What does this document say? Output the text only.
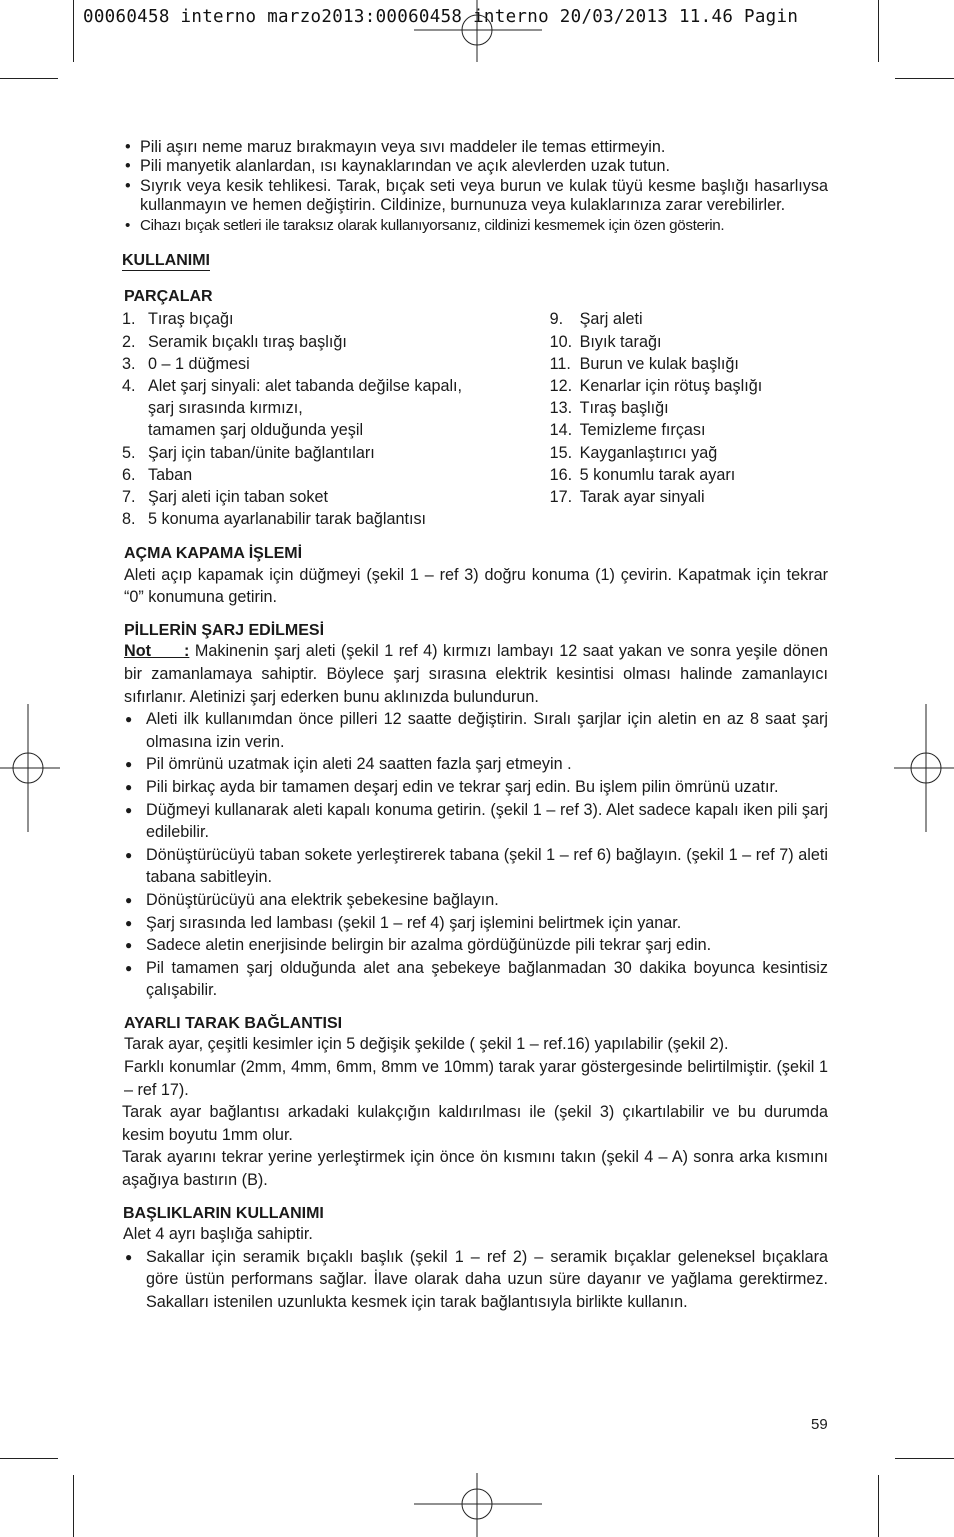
00060458 interno marzo2013:00060458 interno 20/03/2013 11.46 Pagin
• Pili aşırı neme maruz bırakmayın veya sıvı maddeler ile temas ettirmeyin.
• Pili manyetik alanlardan, ısı kaynaklarından ve açık alevlerden uzak tutun.
• Sıyrık veya kesik tehlikesi. Tarak, bıçak seti veya burun ve kulak tüyü kesme başlığı hasarlıysa kullanmayın ve hemen değiştirin. Cildinize, burnunuza veya kulaklarınıza zarar verebilirler.
• Cihazı bıçak setleri ile taraksız olarak kullanıyorsanız, cildinizi kesmemek için özen gösterin.
KULLANIMI
PARÇALAR
1. Tıraş bıçağı
2. Seramik bıçaklı tıraş başlığı
3. 0 – 1 düğmesi
4. Alet şarj sinyali: alet tabanda değilse kapalı,
şarj sırasında kırmızı,
tamamen şarj olduğunda yeşil
5. Şarj için taban/ünite bağlantıları
6. Taban
7. Şarj aleti için taban soket
8. 5 konuma ayarlanabilir tarak bağlantısı
9. Şarj aleti
10. Bıyık tarağı
11. Burun ve kulak başlığı
12. Kenarlar için rötuş başlığı
13. Tıraş başlığı
14. Temizleme fırçası
15. Kayganlaştırıcı yağ
16. 5 konumlu tarak ayarı
17. Tarak ayar sinyali
AÇMA KAPAMA İŞLEMİ
Aleti açıp kapamak için düğmeyi (şekil 1 – ref 3) doğru konuma (1) çevirin. Kapatmak için tekrar “0” konumuna getirin.
PİLLERİN ŞARJ EDİLMESİ
Not      : Makinenin şarj aleti (şekil 1 ref 4) kırmızı lambayı 12 saat yakan ve sonra yeşile dönen bir zamanlamaya sahiptir. Böylece şarj sırasına elektrik kesintisi olması halinde zamanlayıcı sıfırlanır. Aletinizi şarj ederken bunu aklınızda bulundurun.
● Aleti ilk kullanımdan önce pilleri 12 saatte değiştirin. Sıralı şarjlar için aletin en az 8 saat şarj olmasına izin verin.
● Pil ömrünü uzatmak için aleti 24 saatten fazla şarj etmeyin .
● Pili birkaç ayda bir tamamen deşarj edin ve tekrar şarj edin. Bu işlem pilin ömrünü uzatır.
● Düğmeyi kullanarak aleti kapalı konuma getirin. (şekil 1 – ref 3). Alet sadece kapalı iken pili şarj edilebilir.
● Dönüştürücüyü taban sokete yerleştirerek tabana (şekil 1 – ref 6) bağlayın. (şekil 1 – ref 7) aleti tabana sabitleyin.
● Dönüştürücüyü ana elektrik şebekesine bağlayın.
● Şarj sırasında led lambası (şekil 1 – ref 4) şarj işlemini belirtmek için yanar.
● Sadece aletin enerjisinde belirgin bir azalma gördüğünüzde pili tekrar şarj edin.
● Pil tamamen şarj olduğunda alet ana şebekeye bağlanmadan 30 dakika boyunca kesintisiz çalışabilir.
AYARLI TARAK BAĞLANTISI
Tarak ayar, çeşitli kesimler için 5 değişik şekilde ( şekil 1 – ref.16) yapılabilir (şekil 2).
Farklı konumlar (2mm, 4mm, 6mm, 8mm ve 10mm) tarak yarar göstergesinde belirtilmiştir. (şekil 1 – ref 17).
Tarak ayar bağlantısı arkadaki kulakçığın kaldırılması ile (şekil 3) çıkartılabilir ve bu durumda kesim boyutu 1mm olur.
Tarak ayarını tekrar yerine yerleştirmek için önce ön kısmını takın (şekil 4 – A) sonra arka kısmını aşağıya bastırın (B).
BAŞLIKLARIN KULLANIMI
Alet 4 ayrı başlığa sahiptir.
● Sakallar için seramik bıçaklı başlık (şekil 1 – ref 2) – seramik bıçaklar geleneksel bıçaklara göre üstün performans sağlar. İlave olarak daha uzun süre dayanır ve yağlama gerektirmez. Sakalları istenilen uzunlukta kesmek için tarak bağlantısıyla birlikte kullanın.
59
